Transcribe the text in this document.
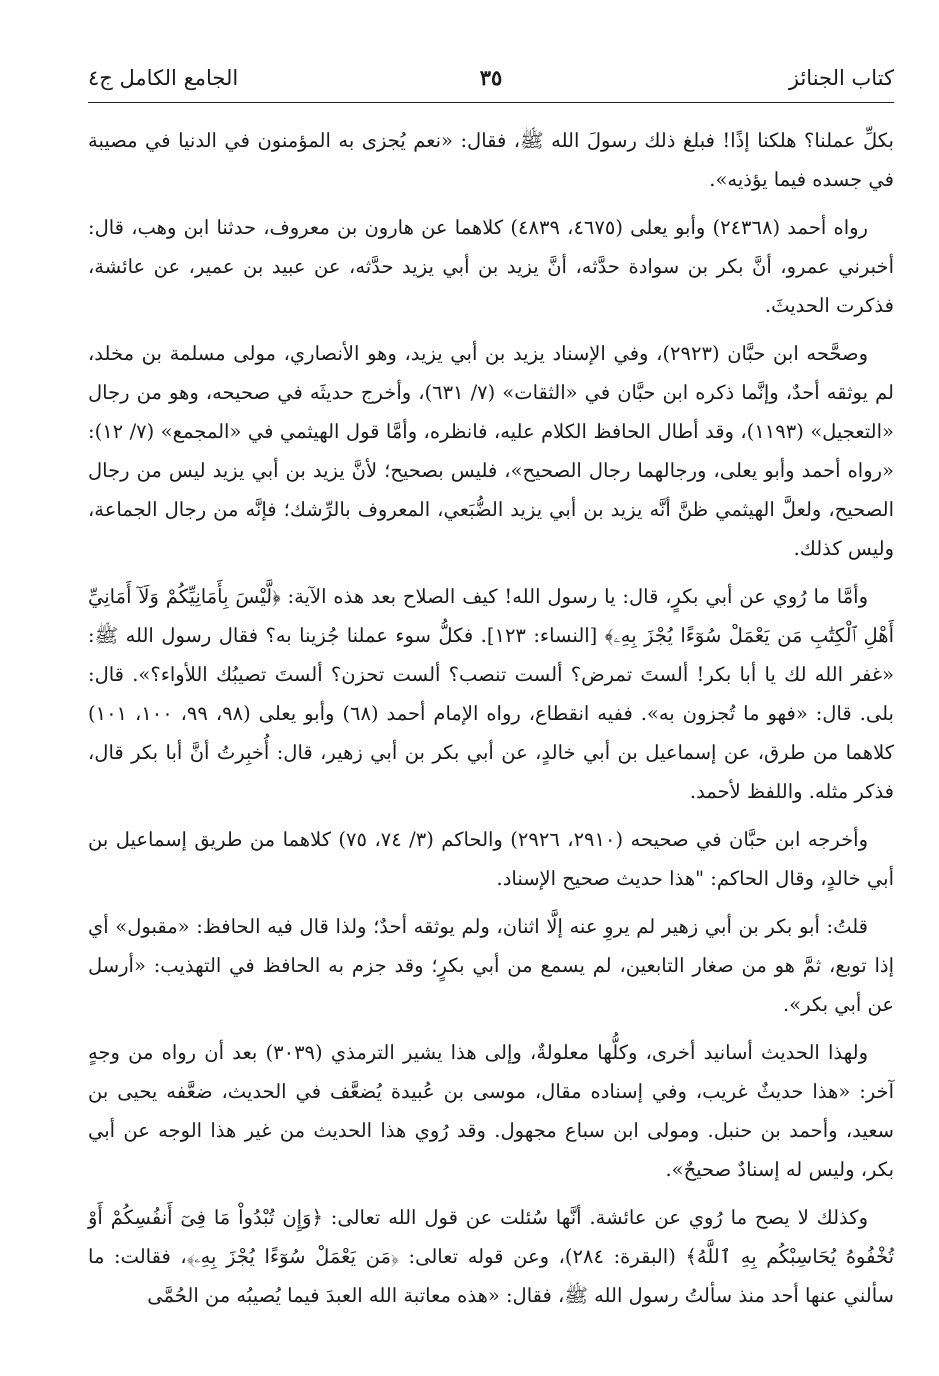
كتاب الجنائز
٣٥
الجامع الكامل ج٤

بكلِّ عملنا؟ هلكنا إذًا! فبلغ ذلك رسولَ الله ﷺ، فقال: «نعم يُجزى به المؤمنون في الدنيا في مصيبة في جسده فيما يؤذيه».

رواه أحمد (٢٤٣٦٨) وأبو يعلى (٤٦٧٥، ٤٨٣٩) كلاهما عن هارون بن معروف، حدثنا ابن وهب، قال: أخبرني عمرو، أنَّ بكر بن سوادة حدَّثه، أنَّ يزيد بن أبي يزيد حدَّثه، عن عبيد بن عمير، عن عائشة، فذكرت الحديثَ.

وصحَّحه ابن حبَّان (٢٩٢٣)، وفي الإسناد يزيد بن أبي يزيد، وهو الأنصاري، مولى مسلمة بن مخلد، لم يوثقه أحدٌ، وإنَّما ذكره ابن حبَّان في «الثقات» (٧/ ٦٣١)، وأخرج حديثَه في صحيحه، وهو من رجال «التعجيل» (١١٩٣)، وقد أطال الحافظ الكلام عليه، فانظره، وأمَّا قول الهيثمي في «المجمع» (٧/ ١٢): «رواه أحمد وأبو يعلى، ورجالهما رجال الصحيح»، فليس بصحيح؛ لأنَّ يزيد بن أبي يزيد ليس من رجال الصحيح، ولعلَّ الهيثمي ظنَّ أنَّه يزيد بن أبي يزيد الضُّبَعي، المعروف بالرِّشك؛ فإنَّه من رجال الجماعة، وليس كذلك.

وأمَّا ما رُوي عن أبي بكرٍ، قال: يا رسول الله! كيف الصلاح بعد هذه الآية: ﴿لَّيْسَ بِأَمَانِيِّكُمْ وَلَآ أَمَانِيِّ أَهْلِ ٱلْكِتَٰبِ مَن يَعْمَلْ سُوٓءًا يُجْزَ بِهِۦ﴾ [النساء: ١٢٣]. فكلُّ سوء عملنا جُزينا به؟ فقال رسول الله ﷺ: «غفر الله لك يا أبا بكر! ألستَ تمرض؟ ألست تنصب؟ ألست تحزن؟ ألستَ تصيبُك اللأواء؟». قال: بلى. قال: «فهو ما تُجزون به». ففيه انقطاع، رواه الإمام أحمد (٦٨) وأبو يعلى (٩٨، ٩٩، ١٠٠، ١٠١) كلاهما من طرق، عن إسماعيل بن أبي خالدٍ، عن أبي بكر بن أبي زهير، قال: أُخبِرتُ أنَّ أبا بكر قال، فذكر مثله. واللفظ لأحمد.

وأخرجه ابن حبَّان في صحيحه (٢٩١٠، ٢٩٢٦) والحاكم (٣/ ٧٤، ٧٥) كلاهما من طريق إسماعيل بن أبي خالدٍ، وقال الحاكم: "هذا حديث صحيح الإسناد.

قلتُ: أبو بكر بن أبي زهير لم يروِ عنه إلَّا اثنان، ولم يوثقه أحدٌ؛ ولذا قال فيه الحافظ: «مقبول» أي إذا توبع، ثمَّ هو من صغار التابعين، لم يسمع من أبي بكرٍ؛ وقد جزم به الحافظ في التهذيب: «أرسل عن أبي بكر».

ولهذا الحديث أسانيد أخرى، وكلُّها معلولةٌ، وإلى هذا يشير الترمذي (٣٠٣٩) بعد أن رواه من وجهٍ آخر: «هذا حديثٌ غريب، وفي إسناده مقال، موسى بن عُبيدة يُضعَّف في الحديث، ضعَّفه يحيى بن سعيد، وأحمد بن حنبل. ومولى ابن سباع مجهول. وقد رُوي هذا الحديث من غير هذا الوجه عن أبي بكر، وليس له إسنادٌ صحيحٌ».

وكذلك لا يصح ما رُوي عن عائشة. أنَّها سُئلت عن قول الله تعالى: ﴿وَإِن تُبْدُواْ مَا فِىٓ أَنفُسِكُمْ أَوْ تُخْفُوهُ يُحَاسِبْكُم بِهِ ٱللَّهُ﴾ (البقرة: ٢٨٤)، وعن قوله تعالى: ﴿مَن يَعْمَلْ سُوٓءًا يُجْزَ بِهِۦ﴾، فقالت: ما سألني عنها أحد منذ سألتُ رسول الله ﷺ، فقال: «هذه معاتبة الله العبدَ فيما يُصيبُه من الحُمَّى
